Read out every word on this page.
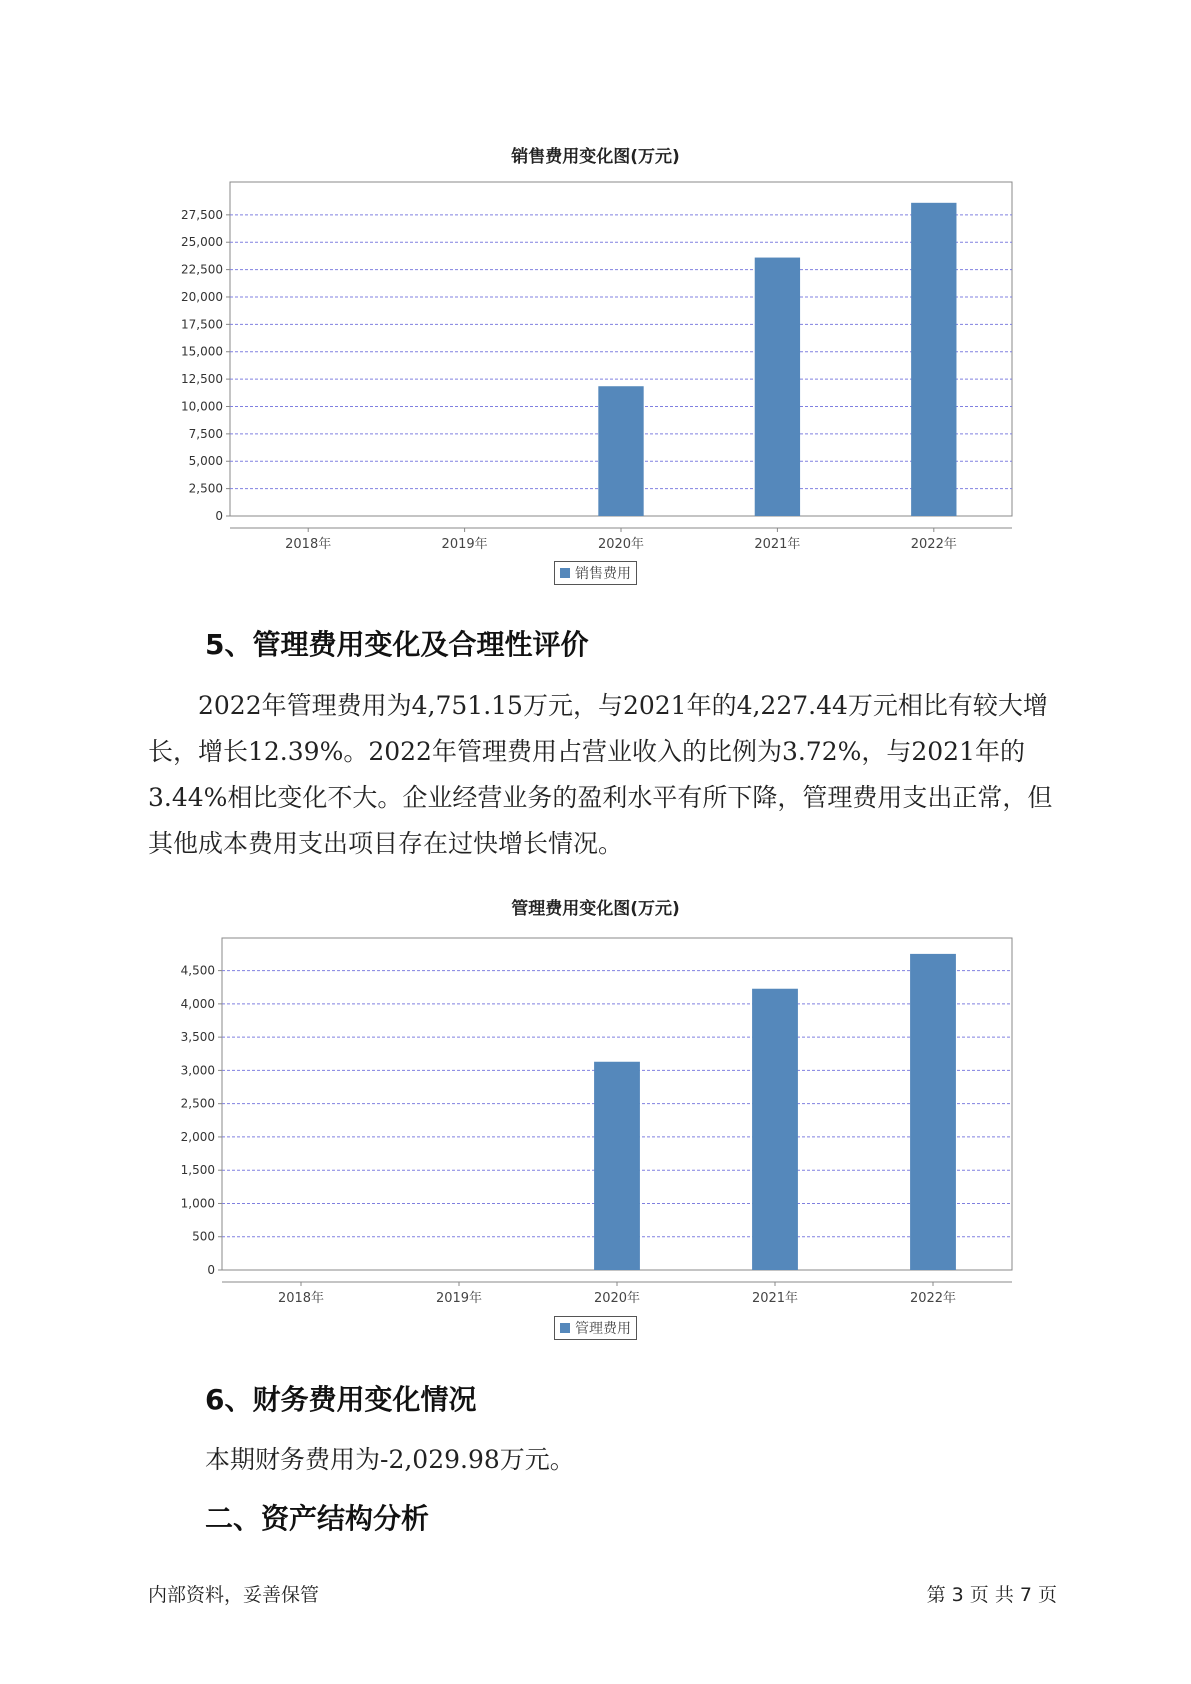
销售费用变化图(万元)
0
2,500
5,000
7,500
10,000
12,500
15,000
17,500
20,000
22,500
25,000
27,500
2018年	2019年	2020年	2021年	2022年
销售费用
5、管理费用变化及合理性评价
2022年管理费用为4,751.15万元，与2021年的4,227.44万元相比有较大增长，增长12.39%。2022年管理费用占营业收入的比例为3.72%，与2021年的3.44%相比变化不大。企业经营业务的盈利水平有所下降，管理费用支出正常，但其他成本费用支出项目存在过快增长情况。
管理费用变化图(万元)
0
500
1,000
1,500
2,000
2,500
3,000
3,500
4,000
4,500
2018年	2019年	2020年	2021年	2022年
管理费用
6、财务费用变化情况
本期财务费用为-2,029.98万元。
二、资产结构分析
内部资料，妥善保管	第 3 页 共 7 页
